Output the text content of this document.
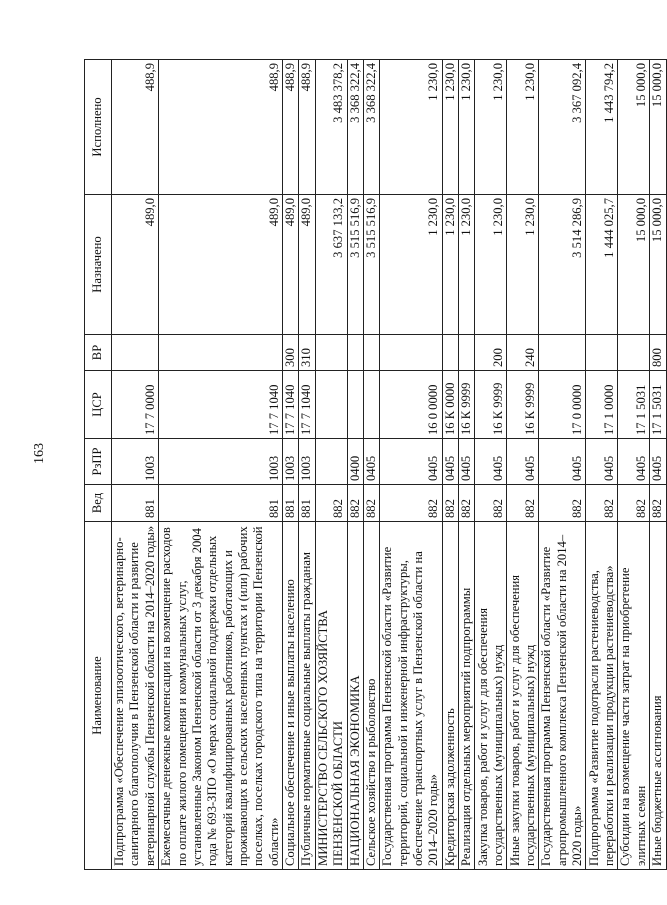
163
Наименование	Вед	РзПР	ЦСР	ВР	Назначено	Исполнено
Подпрограмма «Обеспечение эпизоотического, ветеринарно-санитарного благополучия в Пензенской области и развитие ветеринарной службы Пензенской области на 2014–2020 годы»	881	1003	17 7 0000		489,0	488,9
Ежемесячные денежные компенсации на возмещение расходов по оплате жилого помещения и коммунальных услуг, установленные Законом Пензенской области от 3 декабря 2004 года № 693-ЗПО «О мерах социальной поддержки отдельных категорий квалифицированных работников, работающих и проживающих в сельских населенных пунктах и (или) рабочих поселках, поселках городского типа на территории Пензенской области»	881	1003	17 7 1040		489,0	488,9
Социальное обеспечение и иные выплаты населению	881	1003	17 7 1040	300	489,0	488,9
Публичные нормативные социальные выплаты гражданам	881	1003	17 7 1040	310	489,0	488,9
МИНИСТЕРСТВО СЕЛЬСКОГО ХОЗЯЙСТВА ПЕНЗЕНСКОЙ ОБЛАСТИ	882				3 637 133,2	3 483 378,2
НАЦИОНАЛЬНАЯ ЭКОНОМИКА	882	0400			3 515 516,9	3 368 322,4
Сельское хозяйство и рыболовство	882	0405			3 515 516,9	3 368 322,4
Государственная программа Пензенской области «Развитие территорий, социальной и инженерной инфраструктуры, обеспечение транспортных услуг в Пензенской области на 2014–2020 годы»	882	0405	16 0 0000		1 230,0	1 230,0
Кредиторская задолженность	882	0405	16 К 0000		1 230,0	1 230,0
Реализация отдельных мероприятий подпрограммы	882	0405	16 К 9999		1 230,0	1 230,0
Закупка товаров, работ и услуг для обеспечения государственных (муниципальных) нужд	882	0405	16 К 9999	200	1 230,0	1 230,0
Иные закупки товаров, работ и услуг для обеспечения государственных (муниципальных) нужд	882	0405	16 К 9999	240	1 230,0	1 230,0
Государственная программа Пензенской области «Развитие агропромышленного комплекса Пензенской области на 2014–2020 годы»	882	0405	17 0 0000		3 514 286,9	3 367 092,4
Подпрограмма «Развитие подотрасли растениеводства, переработки и реализации продукции растениеводства»	882	0405	17 1 0000		1 444 025,7	1 443 794,2
Субсидии на возмещение части затрат на приобретение элитных семян	882	0405	17 1 5031		15 000,0	15 000,0
Иные бюджетные ассигнования	882	0405	17 1 5031	800	15 000,0	15 000,0
